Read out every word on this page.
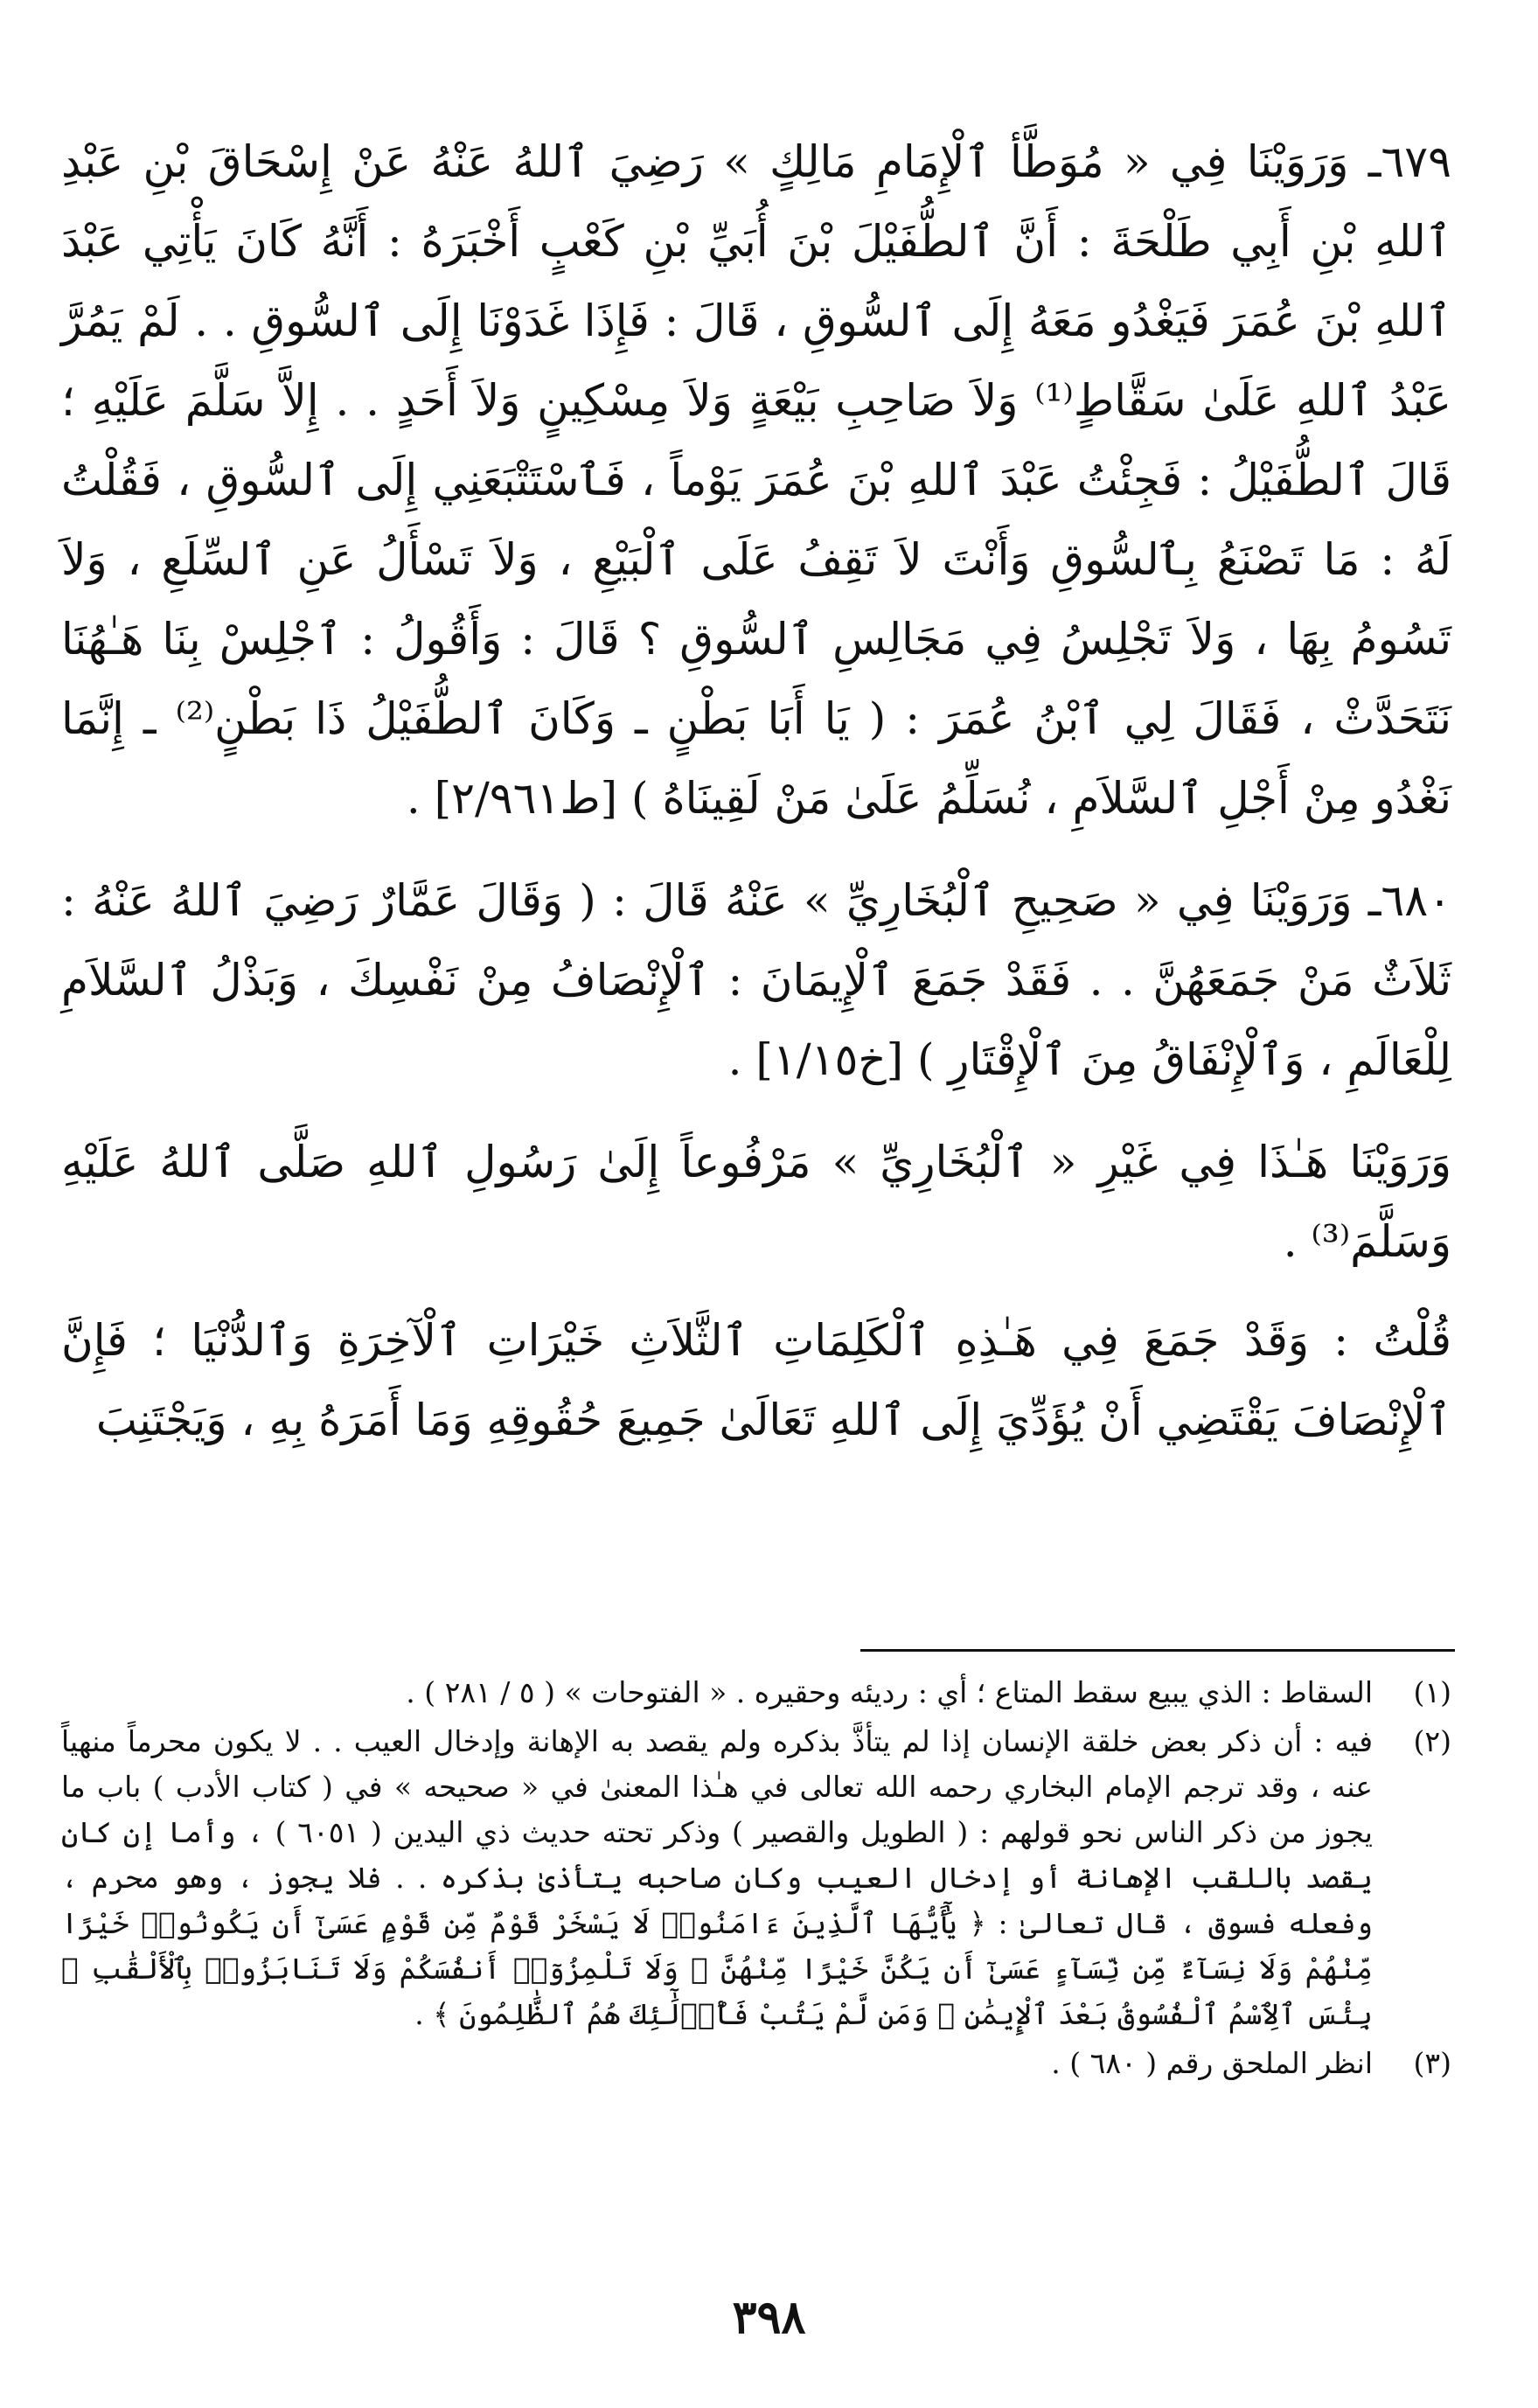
٦٧٩ـ وَرَوَيْنَا فِي « مُوَطَّأ ٱلْإِمَامِ مَالِكٍ » رَضِيَ ٱللهُ عَنْهُ عَنْ إِسْحَاقَ بْنِ عَبْدِ ٱللهِ بْنِ أَبِي طَلْحَةَ : أَنَّ ٱلطُّفَيْلَ بْنَ أُبَيِّ بْنِ كَعْبٍ أَخْبَرَهُ : أَنَّهُ كَانَ يَأْتِي عَبْدَ ٱللهِ بْنَ عُمَرَ فَيَغْدُو مَعَهُ إِلَى ٱلسُّوقِ ، قَالَ : فَإِذَا غَدَوْنَا إِلَى ٱلسُّوقِ . . لَمْ يَمُرَّ عَبْدُ ٱللهِ عَلَىٰ سَقَّاطٍ⁽¹⁾ وَلاَ صَاحِبِ بَيْعَةٍ وَلاَ مِسْكِينٍ وَلاَ أَحَدٍ . . إِلاَّ سَلَّمَ عَلَيْهِ ؛ قَالَ ٱلطُّفَيْلُ : فَجِئْتُ عَبْدَ ٱللهِ بْنَ عُمَرَ يَوْماً ، فَٱسْتَتْبَعَنِي إِلَى ٱلسُّوقِ ، فَقُلْتُ لَهُ : مَا تَصْنَعُ بِٱلسُّوقِ وَأَنْتَ لاَ تَقِفُ عَلَى ٱلْبَيْعِ ، وَلاَ تَسْأَلُ عَنِ ٱلسِّلَعِ ، وَلاَ تَسُومُ بِهَا ، وَلاَ تَجْلِسُ فِي مَجَالِسِ ٱلسُّوقِ ؟ قَالَ : وَأَقُولُ : ٱجْلِسْ بِنَا هَـٰهُنَا نَتَحَدَّثْ ، فَقَالَ لِي ٱبْنُ عُمَرَ : ( يَا أَبَا بَطْنٍ ـ وَكَانَ ٱلطُّفَيْلُ ذَا بَطْنٍ⁽²⁾ ـ إِنَّمَا نَغْدُو مِنْ أَجْلِ ٱلسَّلاَمِ ، نُسَلِّمُ عَلَىٰ مَنْ لَقِينَاهُ ) [ط٢/٩٦١] .

٦٨٠ـ وَرَوَيْنَا فِي « صَحِيحِ ٱلْبُخَارِيِّ » عَنْهُ قَالَ : ( وَقَالَ عَمَّارٌ رَضِيَ ٱللهُ عَنْهُ : ثَلاَثٌ مَنْ جَمَعَهُنَّ . . فَقَدْ جَمَعَ ٱلْإِيمَانَ : ٱلْإِنْصَافُ مِنْ نَفْسِكَ ، وَبَذْلُ ٱلسَّلاَمِ لِلْعَالَمِ ، وَٱلْإِنْفَاقُ مِنَ ٱلْإِقْتَارِ ) [خ١/١٥] .

وَرَوَيْنَا هَـٰذَا فِي غَيْرِ « ٱلْبُخَارِيِّ » مَرْفُوعاً إِلَىٰ رَسُولِ ٱللهِ صَلَّى ٱللهُ عَلَيْهِ وَسَلَّمَ⁽³⁾ .

قُلْتُ : وَقَدْ جَمَعَ فِي هَـٰذِهِ ٱلْكَلِمَاتِ ٱلثَّلاَثِ خَيْرَاتِ ٱلْآخِرَةِ وَٱلدُّنْيَا ؛ فَإِنَّ ٱلْإِنْصَافَ يَقْتَضِي أَنْ يُؤَدِّيَ إِلَى ٱللهِ تَعَالَىٰ جَمِيعَ حُقُوقِهِ وَمَا أَمَرَهُ بِهِ ، وَيَجْتَنِبَ

(١)
السقاط : الذي يبيع سقط المتاع ؛ أي : رديئه وحقيره . « الفتوحات » ( ٥ / ٢٨١ ) .
(٢)
فيه : أن ذكر بعض خلقة الإنسان إذا لم يتأذَّ بذكره ولم يقصد به الإهانة وإدخال العيب . . لا يكون محرماً منهياً عنه ، وقد ترجم الإمام البخاري رحمه الله تعالى في هـٰذا المعنىٰ في « صحيحه » في ( كتاب الأدب ) باب ما يجوز من ذكر الناس نحو قولهم : ( الطويل والقصير ) وذكر تحته حديث ذي اليدين ( ٦٠٥١ ) ، وأما إن كان يقصد باللقب الإهانة أو إدخال العيب وكان صاحبه يتأذىٰ بذكره . . فلا يجوز ، وهو محرم ، وفعله فسوق ، قال تعالىٰ : ﴿ يَٰٓأَيُّهَا ٱلَّذِينَ ءَامَنُوا۟ لَا يَسْخَرْ قَوْمٌ مِّن قَوْمٍ عَسَىٰٓ أَن يَكُونُوا۟ خَيْرًا مِّنْهُمْ وَلَا نِسَآءٌ مِّن نِّسَآءٍ عَسَىٰٓ أَن يَكُنَّ خَيْرًا مِّنْهُنَّ ۖ وَلَا تَلْمِزُوٓا۟ أَنفُسَكُمْ وَلَا تَنَابَزُوا۟ بِٱلْأَلْقَٰبِ ۖ بِئْسَ ٱلِٱسْمُ ٱلْفُسُوقُ بَعْدَ ٱلْإِيمَٰنِ ۚ وَمَن لَّمْ يَتُبْ فَأُو۟لَٰٓئِكَ هُمُ ٱلظَّٰلِمُونَ ﴾ .
(٣)
انظر الملحق رقم ( ٦٨٠ ) .
٣٩٨
